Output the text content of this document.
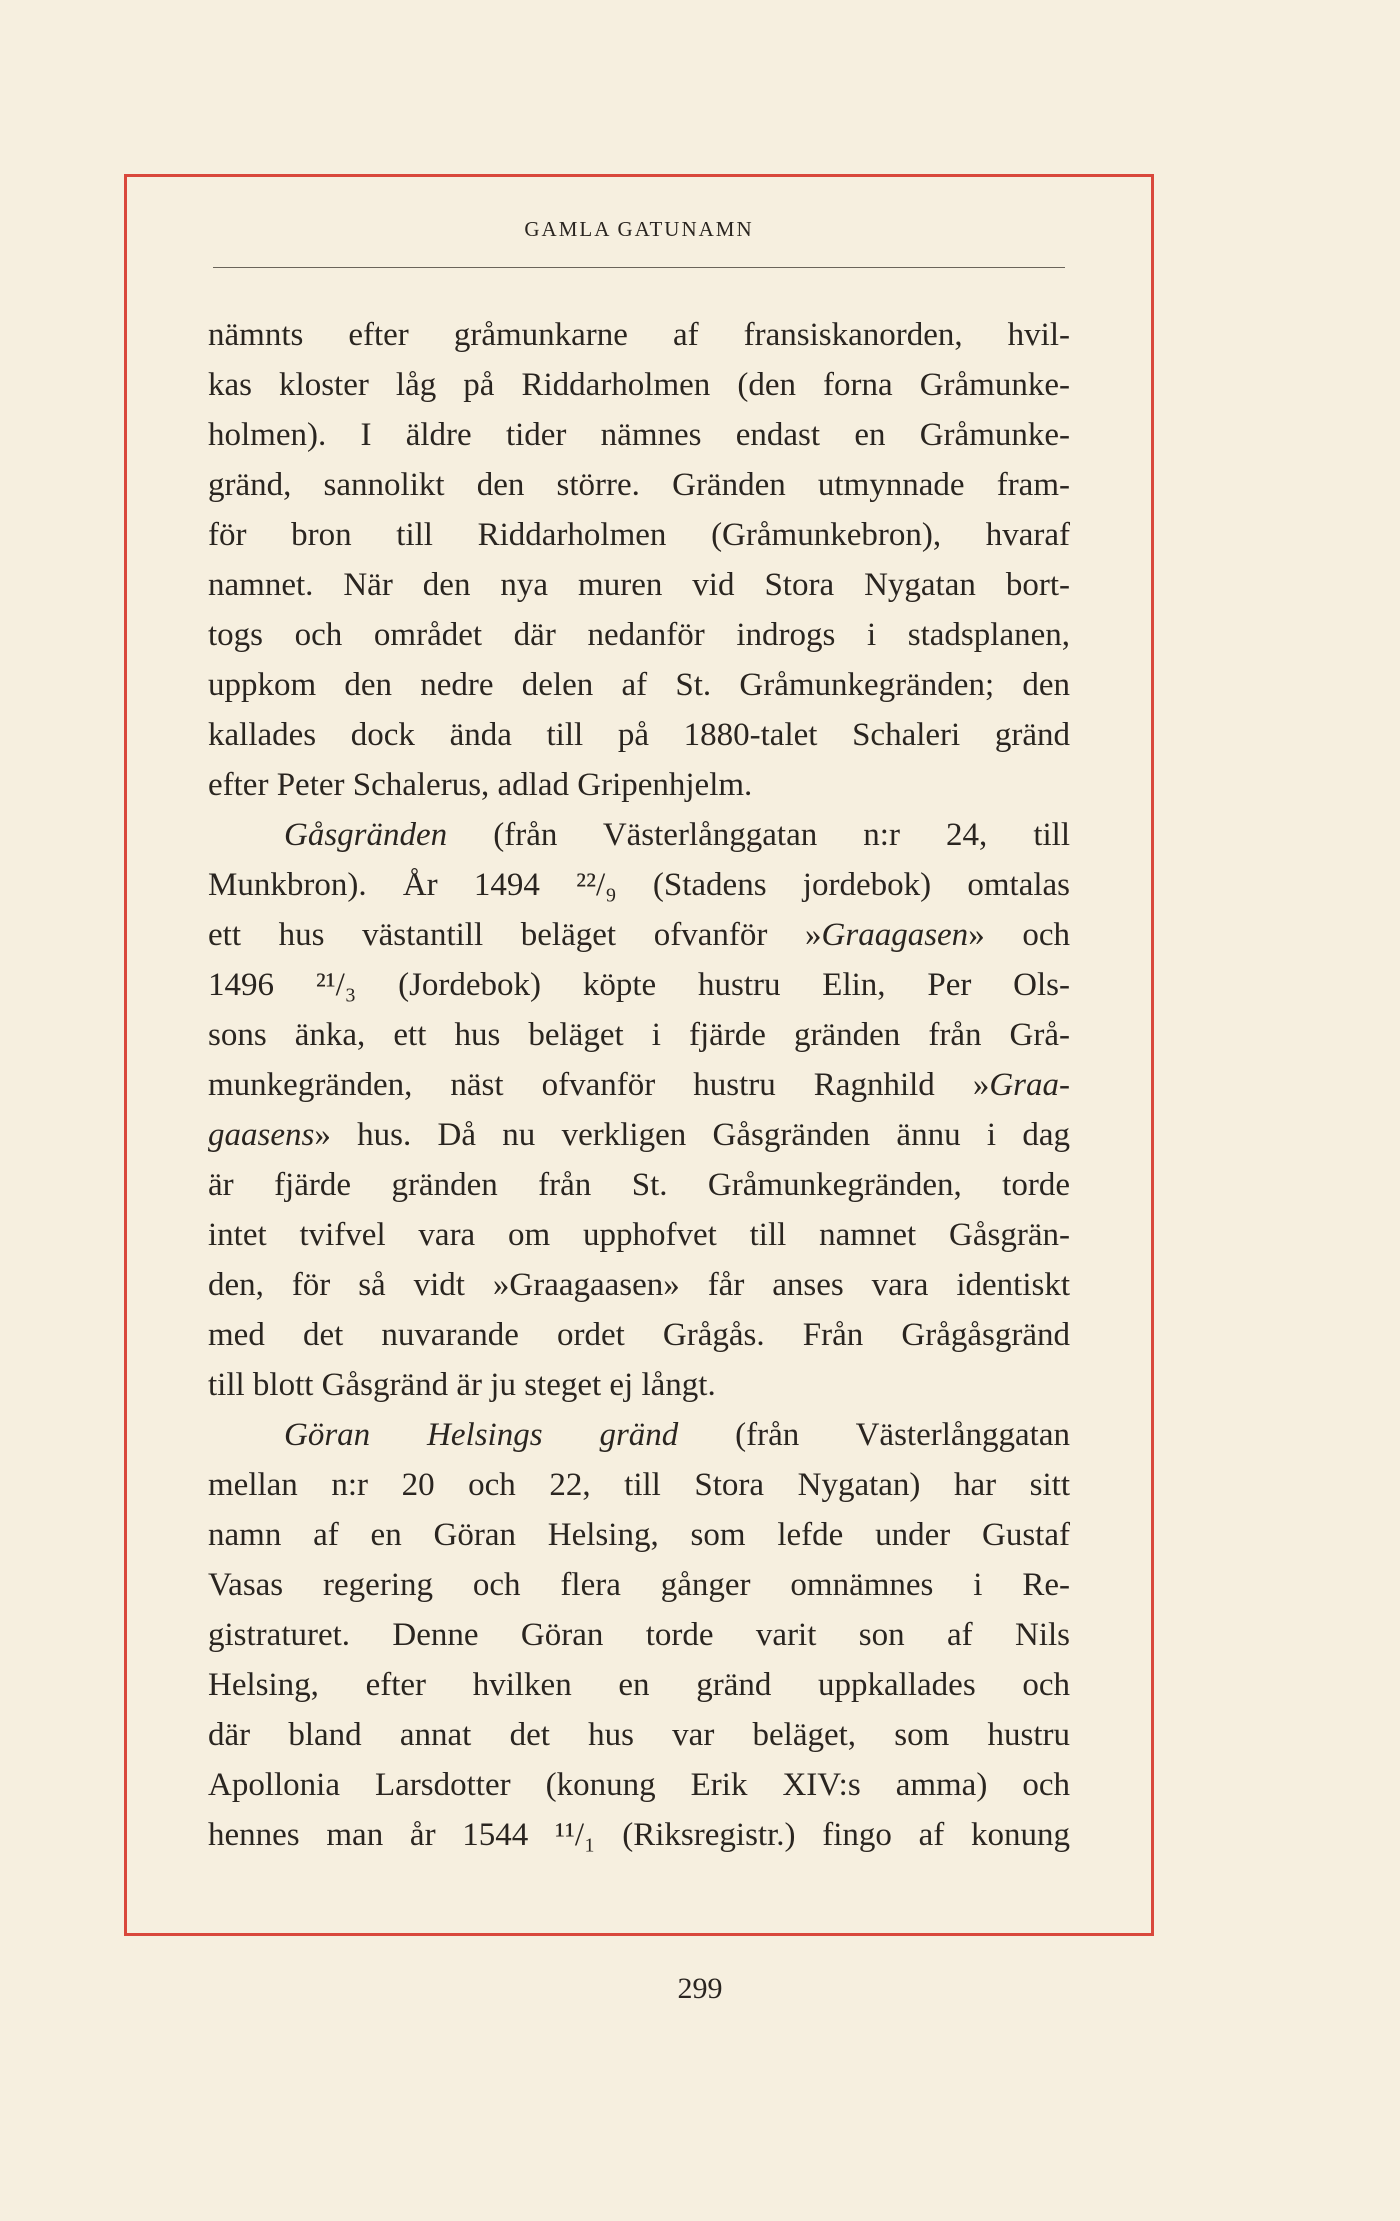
GAMLA GATUNAMN
nämnts efter gråmunkarne af fransiskanorden, hvil-
kas kloster låg på Riddarholmen (den forna Gråmunke-
holmen). I äldre tider nämnes endast en Gråmunke-
gränd, sannolikt den större. Gränden utmynnade fram-
för bron till Riddarholmen (Gråmunkebron), hvaraf
namnet. När den nya muren vid Stora Nygatan bort-
togs och området där nedanför indrogs i stadsplanen,
uppkom den nedre delen af St. Gråmunkegränden; den
kallades dock ända till på 1880-talet Schaleri gränd
efter Peter Schalerus, adlad Gripenhjelm.
Gåsgränden (från Västerlånggatan n:r 24, till
Munkbron). År 1494 ²²/₉ (Stadens jordebok) omtalas
ett hus västantill beläget ofvanför »Graagasen» och
1496 ²¹/₃ (Jordebok) köpte hustru Elin, Per Ols-
sons änka, ett hus beläget i fjärde gränden från Grå-
munkegränden, näst ofvanför hustru Ragnhild »Graa-
gaasens» hus. Då nu verkligen Gåsgränden ännu i dag
är fjärde gränden från St. Gråmunkegränden, torde
intet tvifvel vara om upphofvet till namnet Gåsgrän-
den, för så vidt »Graagaasen» får anses vara identiskt
med det nuvarande ordet Grågås. Från Grågåsgränd
till blott Gåsgränd är ju steget ej långt.
Göran Helsings gränd (från Västerlånggatan
mellan n:r 20 och 22, till Stora Nygatan) har sitt
namn af en Göran Helsing, som lefde under Gustaf
Vasas regering och flera gånger omnämnes i Re-
gistraturet. Denne Göran torde varit son af Nils
Helsing, efter hvilken en gränd uppkallades och
där bland annat det hus var beläget, som hustru
Apollonia Larsdotter (konung Erik XIV:s amma) och
hennes man år 1544 ¹¹/₁ (Riksregistr.) fingo af konung
299
